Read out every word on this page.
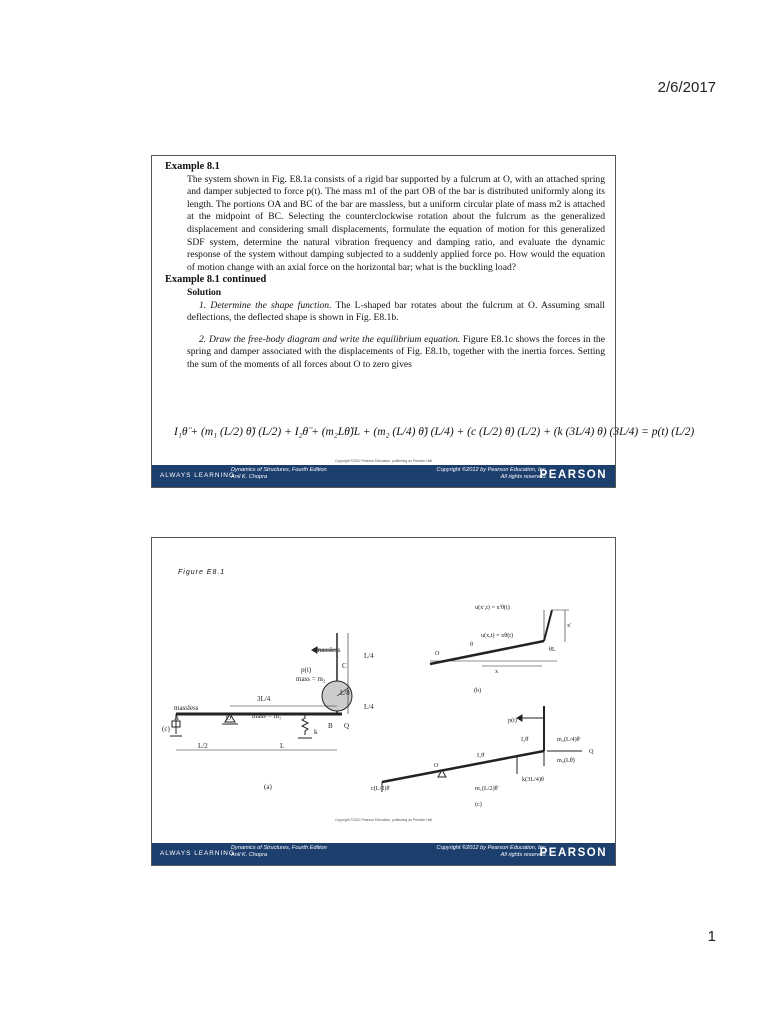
2/6/2017
Example 8.1

The system shown in Fig. E8.1a consists of a rigid bar supported by a fulcrum at O, with an attached spring and damper subjected to force p(t). The mass m1 of the part OB of the bar is distributed uniformly along its length. The portions OA and BC of the bar are massless, but a uniform circular plate of mass m2 is attached at the midpoint of BC. Selecting the counterclockwise rotation about the fulcrum as the generalized displacement and considering small displacements, formulate the equation of motion for this generalized SDF system, determine the natural vibration frequency and damping ratio, and evaluate the dynamic response of the system without damping subjected to a suddenly applied force po. How would the equation of motion change with an axial force on the horizontal bar; what is the buckling load?

Example 8.1 continued
Solution

1. Determine the shape function. The L-shaped bar rotates about the fulcrum at O. Assuming small deflections, the deflected shape is shown in Fig. E8.1b.

2. Draw the free-body diagram and write the equilibrium equation. Figure E8.1c shows the forces in the spring and damper associated with the displacements of Fig. E8.1b, together with the inertia forces. Setting the sum of the moments of all forces about O to zero gives

I₁θ̈ + (m₁ (L/2) θ̈) (L/2) + I₂θ̈ + (m₂Lθ̈)L + (m₂ (L/4) θ̈) (L/4) + (c (L/2) θ̇) (L/2) + (k (3L/4) θ) (3L/4) = p(t) (L/2)
Copyright ©2012 Pearson Education, publishing as Prentice Hall
ALWAYS LEARNING
Dynamics of Structures, Fourth Edition
Anil K. Chopra
Copyright ©2012 by Pearson Education, Inc.
All rights reserved.
PEARSON
Figure E8.1
massless
p(t)	C
mass = m₂
L/8
L/4
L/4
3L/4
massless
A	O	mass = m₁
B Q
(c)	k
L/2	L
(a)
u(x′,t) = x′θ(t)
u(x,t) = xθ(t)
θ
O
x
x′
θL
(b)
p(t)
I₂θ̈	m₂(L/4)θ̈
Q
m₂(Lθ̈)
I₁θ̈
O
k(3L/4)θ
c(L/2)θ̇	m₁(L/2)θ̈
(c)
Copyright ©2012 Pearson Education, publishing as Prentice Hall
ALWAYS LEARNING
Dynamics of Structures, Fourth Edition
Anil K. Chopra
Copyright ©2012 by Pearson Education, Inc.
All rights reserved.
PEARSON
1
